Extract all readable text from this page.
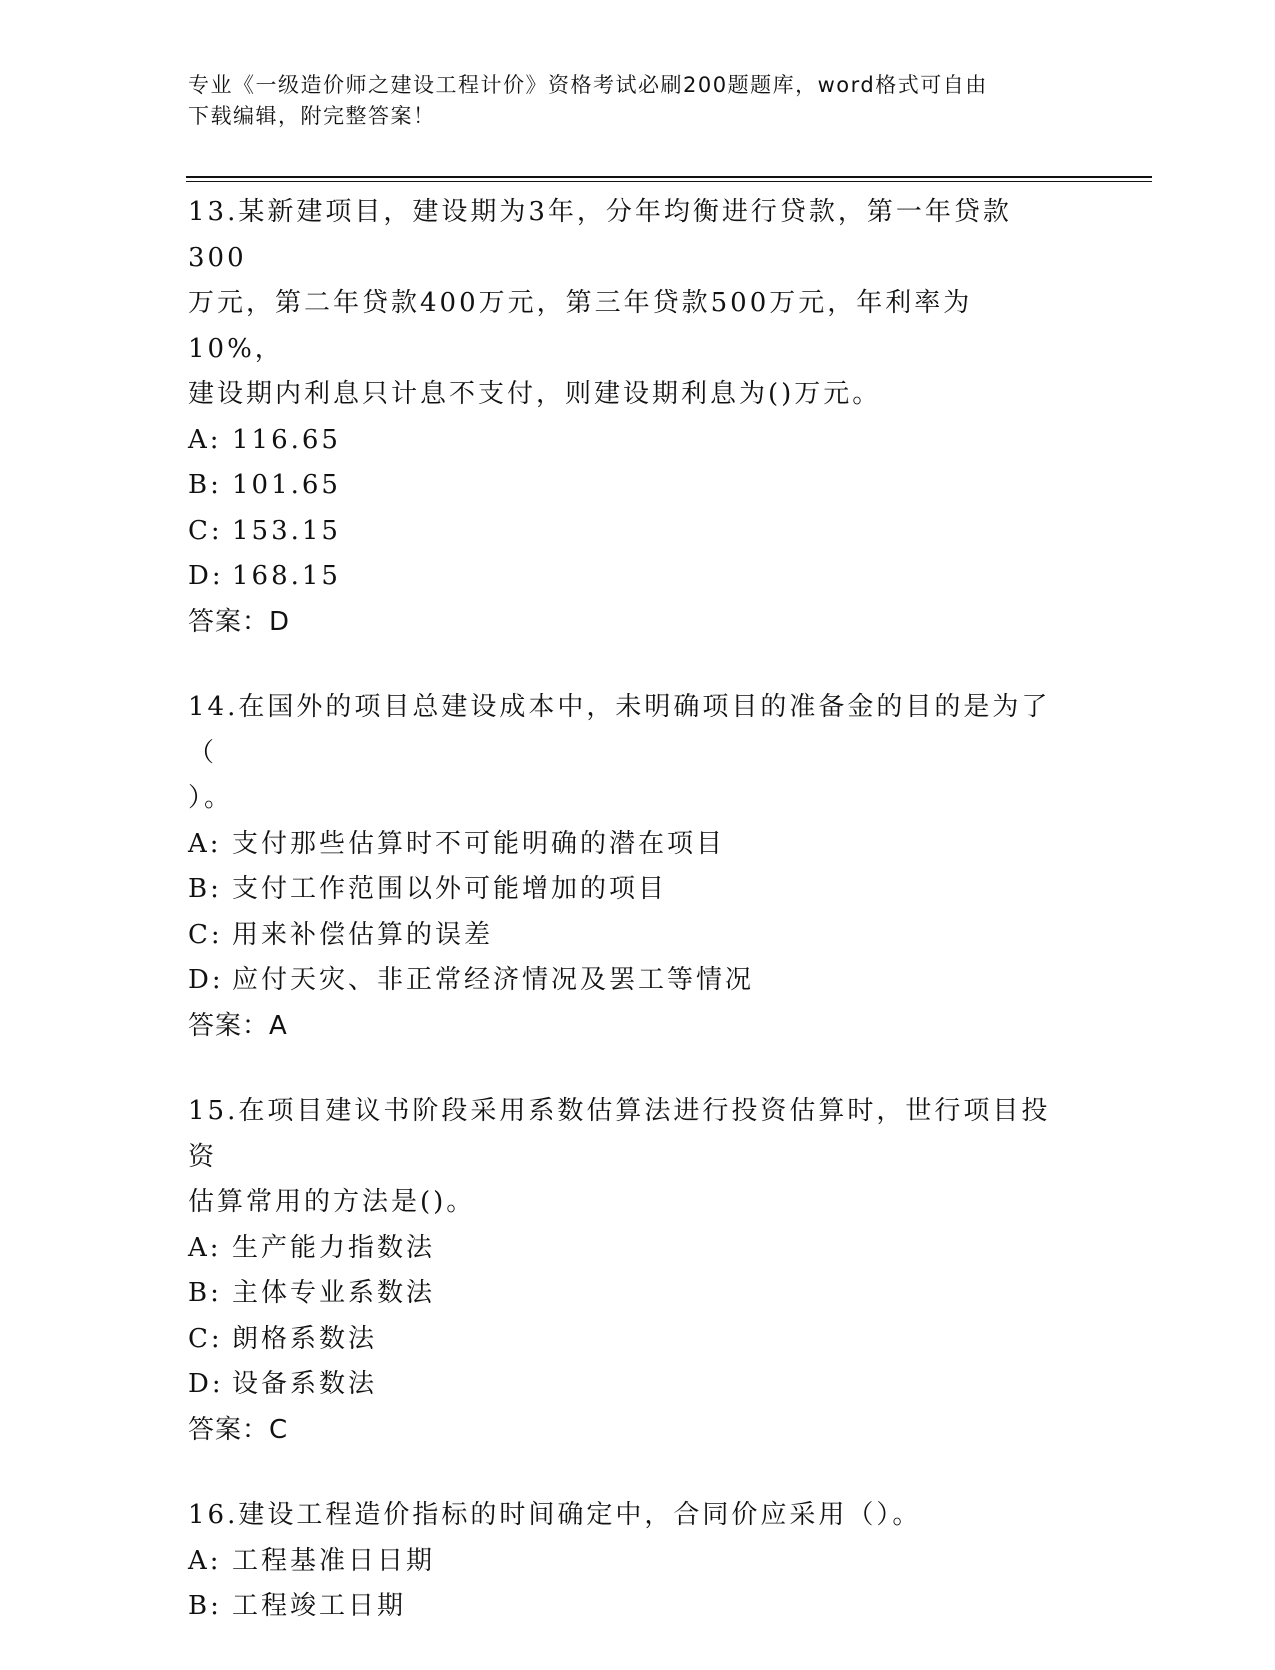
专业《一级造价师之建设工程计价》资格考试必刷200题题库，word格式可自由
下载编辑，附完整答案！
13.某新建项目，建设期为3年，分年均衡进行贷款，第一年贷款300
万元，第二年贷款400万元，第三年贷款500万元，年利率为10%，
建设期内利息只计息不支付，则建设期利息为()万元。
A: 116.65
B: 101.65
C: 153.15
D: 168.15
答案：D
14.在国外的项目总建设成本中，未明确项目的准备金的目的是为了（
）。
A: 支付那些估算时不可能明确的潜在项目
B: 支付工作范围以外可能增加的项目
C: 用来补偿估算的误差
D: 应付天灾、非正常经济情况及罢工等情况
答案：A
15.在项目建议书阶段采用系数估算法进行投资估算时，世行项目投资
估算常用的方法是()。
A: 生产能力指数法
B: 主体专业系数法
C: 朗格系数法
D: 设备系数法
答案：C
16.建设工程造价指标的时间确定中，合同价应采用（）。
A: 工程基准日日期
B: 工程竣工日期
